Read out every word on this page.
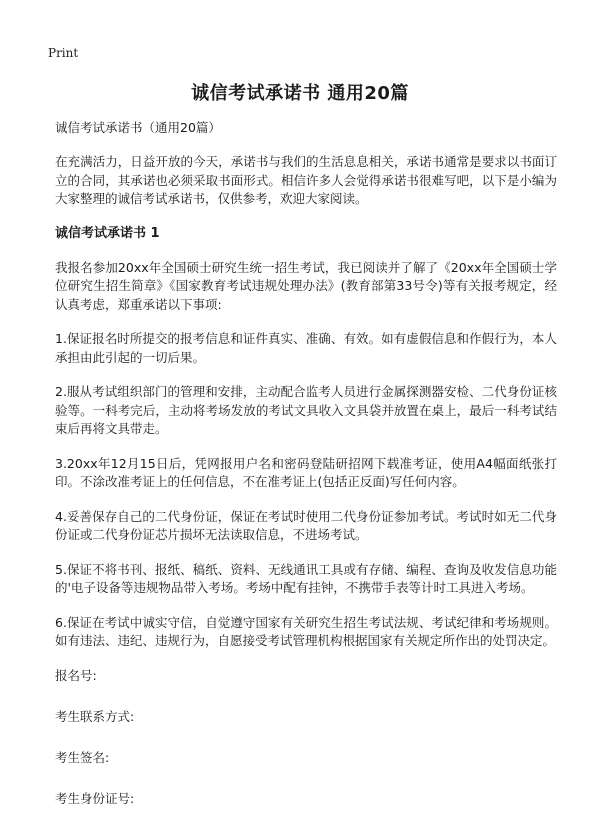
Print
诚信考试承诺书 通用20篇
诚信考试承诺书（通用20篇）

在充满活力，日益开放的今天，承诺书与我们的生活息息相关，承诺书通常是要求以书面订立的合同，其承诺也必须采取书面形式。相信许多人会觉得承诺书很难写吧，以下是小编为大家整理的诚信考试承诺书，仅供参考，欢迎大家阅读。

诚信考试承诺书 1

我报名参加20xx年全国硕士研究生统一招生考试，我已阅读并了解了《20xx年全国硕士学位研究生招生简章》《国家教育考试违规处理办法》(教育部第33号令)等有关报考规定，经认真考虑，郑重承诺以下事项:

1.保证报名时所提交的报考信息和证件真实、准确、有效。如有虚假信息和作假行为，本人承担由此引起的一切后果。

2.服从考试组织部门的管理和安排，主动配合监考人员进行金属探测器安检、二代身份证核验等。一科考完后，主动将考场发放的考试文具收入文具袋并放置在桌上，最后一科考试结束后再将文具带走。

3.20xx年12月15日后，凭网报用户名和密码登陆研招网下载准考证，使用A4幅面纸张打印。不涂改准考证上的任何信息，不在准考证上(包括正反面)写任何内容。

4.妥善保存自己的二代身份证，保证在考试时使用二代身份证参加考试。考试时如无二代身份证或二代身份证芯片损坏无法读取信息，不进场考试。

5.保证不将书刊、报纸、稿纸、资料、无线通讯工具或有存储、编程、查询及收发信息功能的'电子设备等违规物品带入考场。考场中配有挂钟，不携带手表等计时工具进入考场。

6.保证在考试中诚实守信，自觉遵守国家有关研究生招生考试法规、考试纪律和考场规则。如有违法、违纪、违规行为，自愿接受考试管理机构根据国家有关规定所作出的处罚决定。

报名号:
考生联系方式:
考生签名:
考生身份证号:
